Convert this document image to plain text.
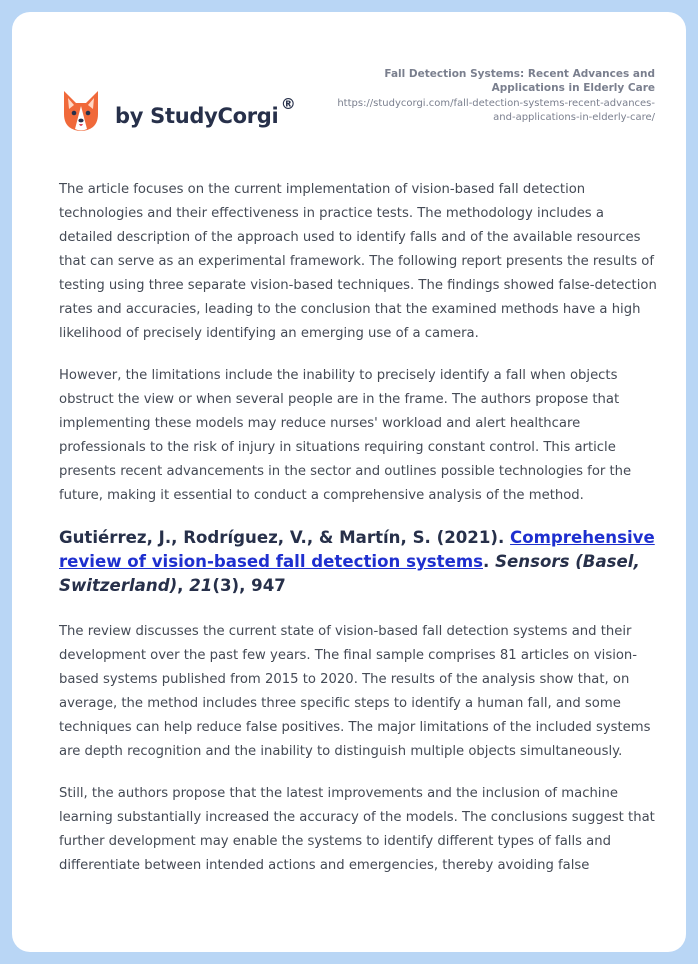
by StudyCorgi ®
Fall Detection Systems: Recent Advances and Applications in Elderly Care
https://studycorgi.com/fall-detection-systems-recent-advances-and-applications-in-elderly-care/

The article focuses on the current implementation of vision-based fall detection technologies and their effectiveness in practice tests. The methodology includes a detailed description of the approach used to identify falls and of the available resources that can serve as an experimental framework. The following report presents the results of testing using three separate vision-based techniques. The findings showed false-detection rates and accuracies, leading to the conclusion that the examined methods have a high likelihood of precisely identifying an emerging use of a camera.

However, the limitations include the inability to precisely identify a fall when objects obstruct the view or when several people are in the frame. The authors propose that implementing these models may reduce nurses' workload and alert healthcare professionals to the risk of injury in situations requiring constant control. This article presents recent advancements in the sector and outlines possible technologies for the future, making it essential to conduct a comprehensive analysis of the method.

Gutiérrez, J., Rodríguez, V., & Martín, S. (2021). Comprehensive review of vision-based fall detection systems. Sensors (Basel, Switzerland), 21(3), 947

The review discusses the current state of vision-based fall detection systems and their development over the past few years. The final sample comprises 81 articles on vision-based systems published from 2015 to 2020. The results of the analysis show that, on average, the method includes three specific steps to identify a human fall, and some techniques can help reduce false positives. The major limitations of the included systems are depth recognition and the inability to distinguish multiple objects simultaneously.

Still, the authors propose that the latest improvements and the inclusion of machine learning substantially increased the accuracy of the models. The conclusions suggest that further development may enable the systems to identify different types of falls and differentiate between intended actions and emergencies, thereby avoiding false
